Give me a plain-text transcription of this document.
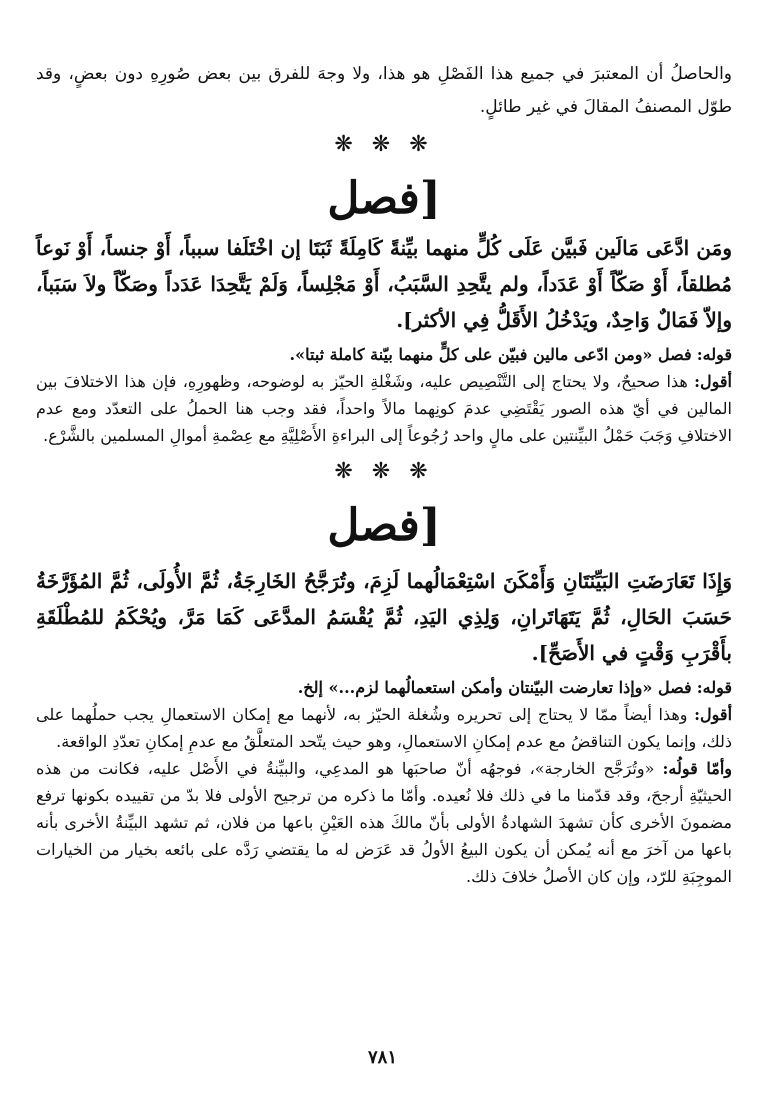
والحاصلُ أن المعتبرَ في جميع هذا الفَصْلِ هو هذا، ولا وجهَ للفرق بين بعض صُورِهِ دون بعضٍ، وقد طوّل المصنفُ المقالَ في غير طائلٍ.

❋ ❋ ❋
[فصل

ومَن ادَّعَى مَالَين فَبيَّن عَلَى كُلٍّ منهما بيِّنةً كَامِلَةً ثَبَتَا إن اخْتَلَفا سبباً، أَوْ جنساً، أَوْ نَوعاً مُطلقاً، أَوْ صَكّاً أَوْ عَدَداً، ولم يتَّحِدِ السَّبَبُ، أَوْ مَجْلِساً، وَلَمْ يَتَّحِدَا عَدَداً وصَكّاً ولاَ سَبَباً، وإلاّ فَمَالٌ وَاحِدٌ، ويَدْخُلُ الأَقَلُّ فِي الأكثر].

قوله: فصل «ومن ادّعى مالين فبيّن على كلٍّ منهما بيّنة كاملة ثبتا».

أقول: هذا صحيحٌ، ولا يحتاج إلى التَّنْصِيص عليه، وشَغْلةِ الحيّز به لوضوحه، وظهورِهِ، فإن هذا الاختلافَ بين المالين في أيّ هذه الصور يَقْتَضِي عدمَ كونِهما مالاً واحداً، فقد وجب هنا الحملُ على التعدّد ومع عدم الاختلافِ وَجَبَ حَمْلُ البيِّنتين على مالٍ واحد رُجُوعاً إلى البراءةِ الأَصْلِيَّةِ مع عِصْمةِ أموالِ المسلمين بالشَّرْع.

❋ ❋ ❋
[فصل

وَإِذَا تَعَارَضَتِ البَيِّنَتَانِ وَأَمْكَنَ اسْتِعْمَالُهما لَزِمَ، وتُرَجَّحُ الخَارِجَةُ، ثُمَّ الأُولَى، ثُمَّ المُؤَرَّخَةُ حَسَبَ الحَالِ، ثُمَّ يَتَهَاتَرانِ، وَلِذِي اليَدِ، ثُمَّ يُقْسَمُ المدَّعَى كَمَا مَرَّ، ويُحْكَمُ للمُطْلَقَةِ بأَقْرَبِ وَقْتٍ في الأَصَحِّ].

قوله: فصل «وإذا تعارضت البيّنتان وأمكن استعمالُهما لزم...» إلخ.

أقول: وهذا أيضاً ممّا لا يحتاج إلى تحريره وشُغلة الحيّز به، لأنهما مع إمكان الاستعمالِ يجب حملُهما على ذلك، وإنما يكون التناقضُ مع عدم إمكانِ الاستعمالِ، وهو حيث يتّحد المتعلَّقُ مع عدمِ إمكانِ تعدّدِ الواقعة.

وأمّا قولُه: «وتُرَجَّح الخارجة»، فوجهُه أنّ صاحبَها هو المدعِي، والبيِّنةُ في الأَصْل عليه، فكانت من هذه الحيثيّةِ أرجحَ، وقد قدّمنا ما في ذلك فلا نُعيده. وأمّا ما ذكره من ترجيح الأولى فلا بدّ من تقييده بكونها ترفع مضمونَ الأخرى كأن تشهدَ الشهادةُ الأولى بأنّ مالكَ هذه العَيْنِ باعها من فلان، ثم تشهد البيِّنةُ الأخرى بأنه باعها من آخرَ مع أنه يُمكن أن يكون البيعُ الأولُ قد عَرَض له ما يقتضي رَدَّه على بائعه بخيار من الخيارات الموجِبَةِ للرّد، وإن كان الأصلُ خلافَ ذلك.

٧٨١
